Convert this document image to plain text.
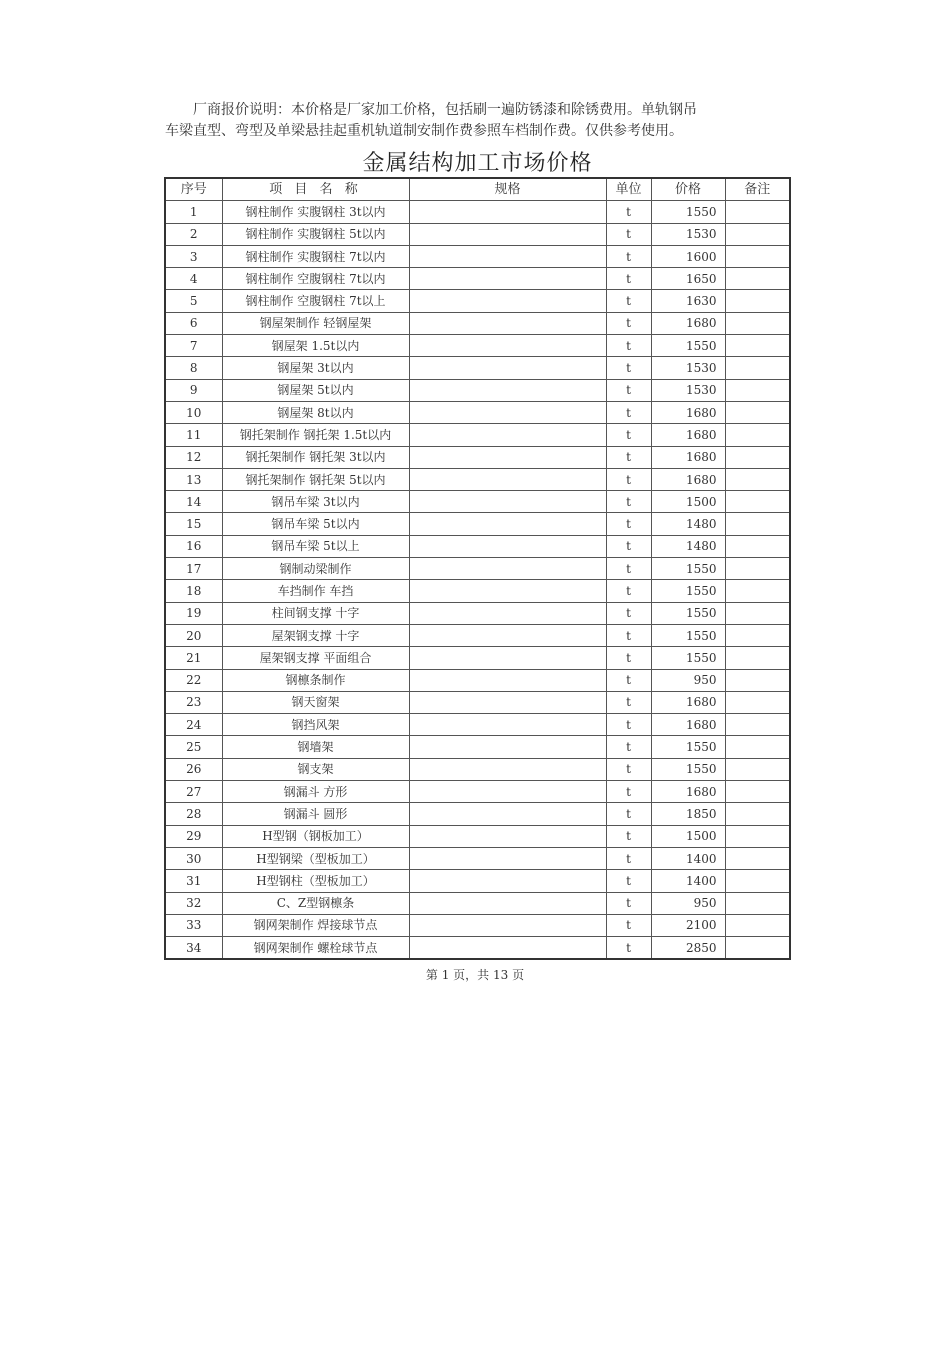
厂商报价说明：本价格是厂家加工价格，包括刷一遍防锈漆和除锈费用。单轨钢吊
车梁直型、弯型及单梁悬挂起重机轨道制安制作费参照车档制作费。仅供参考使用。
金属结构加工市场价格
序号	项 目 名 称	规格	单位	价格	备注
1	钢柱制作 实腹钢柱 3t以内		t	1550	
2	钢柱制作 实腹钢柱 5t以内		t	1530	
3	钢柱制作 实腹钢柱 7t以内		t	1600	
4	钢柱制作 空腹钢柱 7t以内		t	1650	
5	钢柱制作 空腹钢柱 7t以上		t	1630	
6	钢屋架制作 轻钢屋架		t	1680	
7	钢屋架 1.5t以内		t	1550	
8	钢屋架 3t以内		t	1530	
9	钢屋架 5t以内		t	1530	
10	钢屋架 8t以内		t	1680	
11	钢托架制作 钢托架 1.5t以内		t	1680	
12	钢托架制作 钢托架 3t以内		t	1680	
13	钢托架制作 钢托架 5t以内		t	1680	
14	钢吊车梁 3t以内		t	1500	
15	钢吊车梁 5t以内		t	1480	
16	钢吊车梁 5t以上		t	1480	
17	钢制动梁制作		t	1550	
18	车挡制作 车挡		t	1550	
19	柱间钢支撑 十字		t	1550	
20	屋架钢支撑 十字		t	1550	
21	屋架钢支撑 平面组合		t	1550	
22	钢檩条制作		t	950	
23	钢天窗架		t	1680	
24	钢挡风架		t	1680	
25	钢墙架		t	1550	
26	钢支架		t	1550	
27	钢漏斗 方形		t	1680	
28	钢漏斗 圆形		t	1850	
29	H型钢（钢板加工）		t	1500	
30	H型钢梁（型板加工）		t	1400	
31	H型钢柱（型板加工）		t	1400	
32	C、Z型钢檩条		t	950	
33	钢网架制作 焊接球节点		t	2100	
34	钢网架制作 螺栓球节点		t	2850	
第 1 页，共 13 页
